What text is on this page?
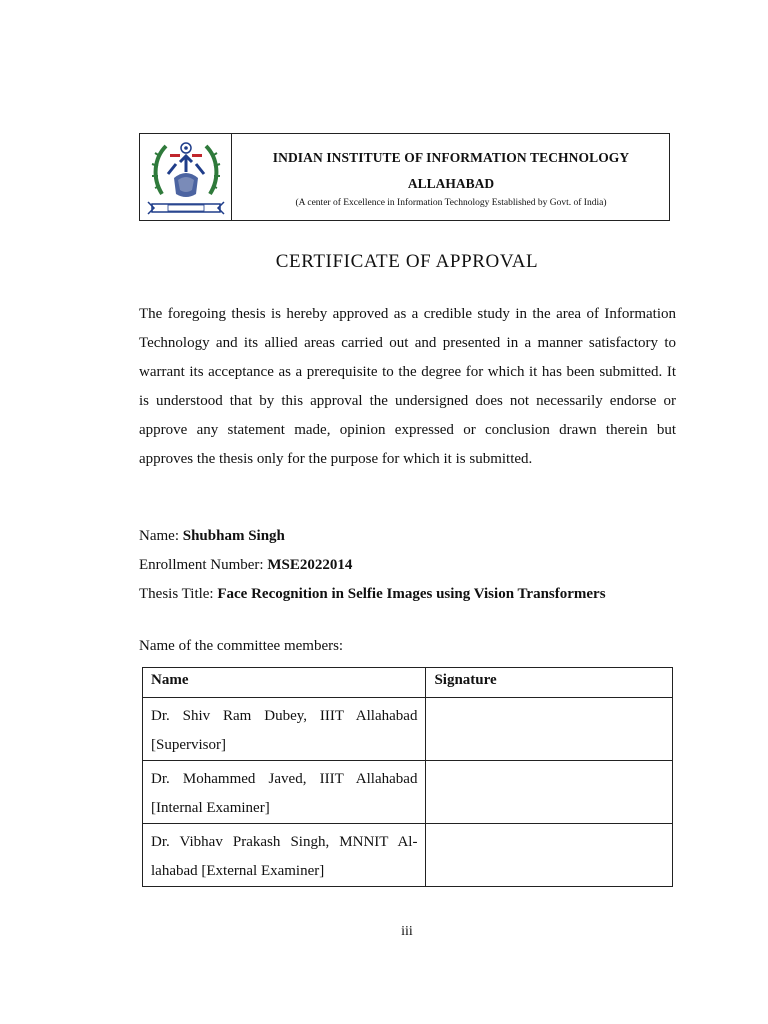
INDIAN INSTITUTE OF INFORMATION TECHNOLOGY
ALLAHABAD
(A center of Excellence in Information Technology Established by Govt. of India)
CERTIFICATE OF APPROVAL

The foregoing thesis is hereby approved as a credible study in the area of Information Technology and its allied areas carried out and presented in a manner satisfactory to warrant its acceptance as a prerequisite to the degree for which it has been submitted. It is understood that by this approval the undersigned does not necessarily endorse or approve any statement made, opinion expressed or conclusion drawn therein but approves the thesis only for the purpose for which it is submitted.

Name: Shubham Singh
Enrollment Number: MSE2022014
Thesis Title: Face Recognition in Selfie Images using Vision Transformers
Name of the committee members:
Name	Signature
Dr. Shiv Ram Dubey, IIIT Allahabad [Supervisor]	
Dr. Mohammed Javed, IIIT Allahabad [Internal Examiner]	
Dr. Vibhav Prakash Singh, MNNIT Allahabad [External Examiner]	
iii
